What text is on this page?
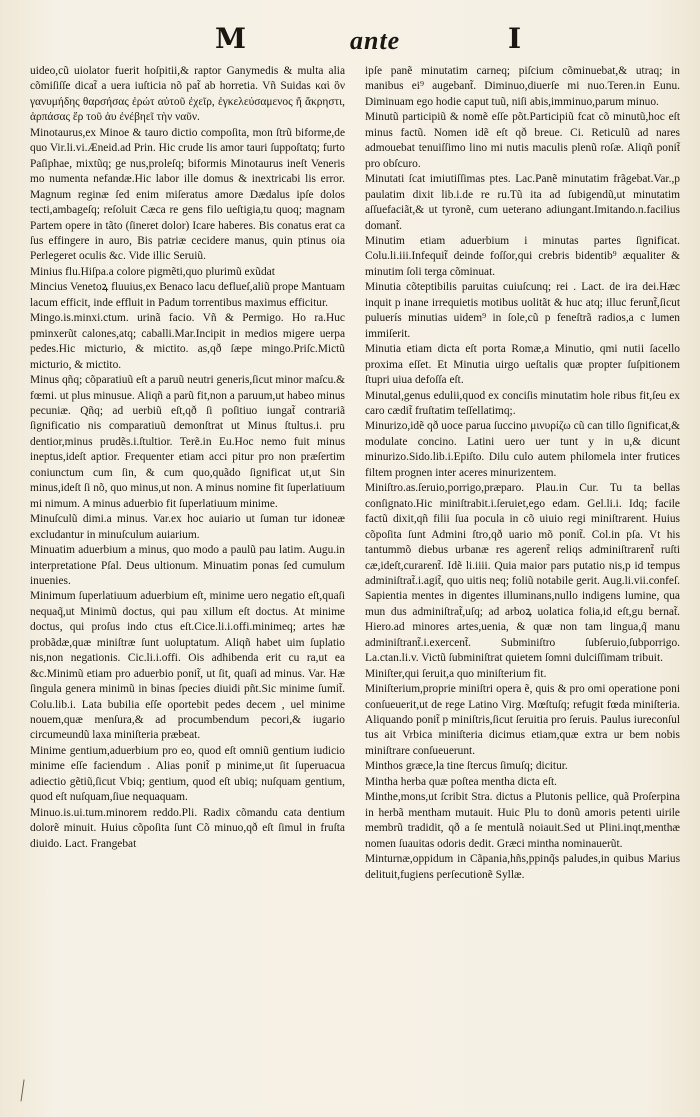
M	ante	I

uideo,cũ uiolator fuerit hoſpitii,& raptor Ganymedis & multa alia cõmiſiſſe dicat̃ a uera iuſticia nõ pat̃ ab horretia. Vñ Suidas καὶ ὃν γανυμήδης θαρσήσας ἐρώτ αὐτοῦ ἐχεῖρ, ἐγκελεύσαμενος ἤ ἄκρηστι, ἀρπάσας ἔρ τοῦ ἀυ ἐνέβηεῖ τὴν ναῦν.

Minotaurus,ex Minoe & tauro dictio compoſita, mon ſtrũ biforme,de quo Vir.li.vi.Æneid.ad Prin. Hic crude lis amor tauri ſuppoſtatq; furto Paſiphae, mixtũq; ge nus,proleſq; biformis Minotaurus ineſt Veneris mo numenta nefandæ.Hic labor ille domus & inextricabi lis error. Magnum reginæ ſed enim miſeratus amore Dædalus ipſe dolos tecti,ambageſq; reſoluit Cæca re gens filo ueſtigia,tu quoq; magnam Partem opere in tãto (ſineret dolor) Icare haberes. Bis conatus erat ca ſus effingere in auro, Bis patriæ cecidere manus, quin ptinus oia Perlegeret oculis &c. Vide illic Seruiũ.

Minius flu.Hiſpa.a colore pigmẽti,quo plurimũ exũdat

Mincius Venetoꝝ fluuius,ex Benaco lacu deflueſ,aliũ prope Mantuam lacum efficit, inde effluit in Padum torrentibus maximus efficitur.

Mingo.is.minxi.ctum. urinã facio. Vñ & Permigo. Ho ra.Huc pminxerũt calones,atq; caballi.Mar.Incipit in medios migere uerpa pedes.Hic micturio, & mictito. as,qð ſæpe mingo.Priſc.Mictũ micturio, & mictito.

Minus qñq; cõparatiuũ eſt a paruũ neutri generis,ſicut minor maſcu.& fœmi. ut plus minusue. Aliqñ a parũ fit,non a paruum,ut habeo minus pecuniæ. Qñq; ad uerbiũ eſt,qð ſi poſitiuo iungat̃ contrariã ſignificatio nis comparatiuũ demonſtrat ut Minus ſtultus.i. pru dentior,minus prudẽs.i.ſtultior. Terẽ.in Eu.Hoc nemo fuit minus ineptus,ideſt aptior. Frequenter etiam acci pitur pro non præſertim coniunctum cum ſin, & cum quo,quãdo ſignificat ut,ut Sin minus,ideſt ſi nõ, quo minus,ut non. A minus nomine fit ſuperlatiuum mi nimum. A minus aduerbio fit ſuperlatiuum minime.

Minuſculũ dimi.a minus. Var.ex hoc auiario ut ſuman tur idoneæ excludantur in minuſculum auiarium.

Minuatim aduerbium a minus, quo modo a paulũ pau latim. Augu.in interpretatione Pſal. Deus ultionum. Minuatim ponas ſed cumulum inuenies.

Minimum ſuperlatiuum aduerbium eſt, minime uero negatio eſt,quaſi nequaq̃,ut Minimũ doctus, qui pau xillum eſt doctus. At minime doctus, qui proſus indo ctus eſt.Cice.li.i.offi.minimeq; artes hæ probãdæ,quæ miniſtræ ſunt uoluptatum. Aliqñ habet uim ſuplatio nis,non negationis. Cic.li.i.offi. Ois adhibenda erit cu ra,ut ea &c.Minimũ etiam pro aduerbio ponit̃, ut ſit, quaſi ad minus. Var. Hæ ſingula genera minimũ in binas ſpecies diuidi pñt.Sic minime ſumit̃. Colu.lib.i. Lata bubilia eſſe oportebit pedes decem , uel minime nouem,quæ menſura,& ad procumbendum pecori,& iugario circumeundũ laxa miniſteria præbeat.

Minime gentium,aduerbium pro eo, quod eſt omniũ gentium iudicio minime eſſe faciendum . Alias ponit̃ p minime,ut ſit ſuperuacua adiectio gẽtiũ,ſicut Vbiq; gentium, quod eſt ubiq; nuſquam gentium, quod eſt nuſquam,ſiue nequaquam.

Minuo.is.ui.tum.minorem reddo.Pli. Radix cõmandu cata dentium dolorẽ minuit. Huius cõpoſita ſunt Cõ minuo,qð eſt ſimul in fruſta diuido. Lact. Frangebat

ipſe panẽ minutatim carneq; piſcium cõminuebat,& utraq; in manibus ei⁹ augebant̃. Diminuo,diuerſe mi nuo.Teren.in Eunu. Diminuam ego hodie caput tuũ, niſi abis,imminuo,parum minuo.

Minutũ participiũ & nomẽ eſſe põt.Participiũ fcat cõ minutũ,hoc eſt minus factũ. Nomen idẽ eſt qð breue. Ci. Reticulũ ad nares admouebat tenuiſſimo lino mi nutis maculis plenũ roſæ. Aliqñ ponit̃ pro obſcuro.

Minutati ſcat imiutiſſimas ptes. Lac.Panẽ minutatim frãgebat.Var.,p paulatim dixit lib.i.de re ru.Tũ ita ad ſubigendũ,ut minutatim aſſuefaciãt,& ut tyronẽ, cum ueterano adiungant.Imitando.n.facilius domant̃.

Minutim etiam aduerbium i minutas partes ſignificat. Colu.li.iii.Infequit̃ deinde foſſor,qui crebris bidentib⁹ æqualiter & minutim ſoli terga cõminuat.

Minutia cõteptibilis paruitas cuiuſcunq; rei . Lact. de ira dei.Hæc inquit p inane irrequietis motibus uolitãt & huc atq; illuc ferunt̃,ſicut puluerís minutias uidem⁹ in ſole,cũ p feneſtrã radios,a c lumen immiſerit.

Minutia etiam dicta eſt porta Romæ,a Minutio, qmi nutii ſacello proxima eſſet. Et Minutia uirgo ueſtalis quæ propter ſuſpitionem ſtupri uiua defoſſa eſt.

Minutal,genus edulii,quod ex conciſis minutatim hole ribus fit,ſeu ex caro cædit̃ fruſtatim teſſellatimq;.

Minurizo,idẽ qð uoce parua ſuccino μινυρίζω cũ can tillo ſignificat,& modulate concino. Latini uero uer tunt y in u,& dicunt minurizo.Sido.lib.i.Epiſto. Dilu culo autem philomela inter frutices filtem prognen inter aceres minurizentem.

Miniſtro.as.ſeruio,porrigo,præparo. Plau.in Cur. Tu ta bellas conſignato.Hic miniſtrabit.i.ſeruiet,ego edam. Gel.li.i. Idq; facile factũ dixit,qñ filii ſua pocula in cõ uiuio regi miniſtrarent. Huius cõpoſita ſunt Admini ſtro,qð uario mõ ponit̃. Col.in pſa. Vt his tantummõ diebus urbanæ res agerent̃ reliqs adminiſtrarent̃ ruſti cæ,ideſt,curarent̃. Idẽ li.iiii. Quia maior pars putatio nis,p id tempus adminiſtrat̃.i.agit̃, quo uitis neq; foliũ notabile gerit. Aug.li.vii.confeſ. Sapientia mentes in digentes illuminans,nullo indigens lumine, qua mun dus adminiſtrat̃,uſq; ad arboꝝ uolatica folia,id eſt,gu bernat̃. Hiero.ad minores artes,uenia, & quæ non tam lingua,q̃ manu adminiſtrant̃.i.exercent̃. Subminiſtro ſubſeruio,ſubporrigo. La.ctan.li.v. Victũ ſubminiſtrat quietem ſomni dulciſſimam tribuit.

Miniſter,qui ſeruit,a quo miniſterium fit.

Miniſterium,proprie miniſtri opera ẽ, quis & pro omi operatione poni conſueuerit,ut de rege Latino Virg. Mœſtuſq; refugit fœda miniſteria. Aliquando ponit̃ p miniſtris,ſicut ſeruitia pro ſeruis. Paulus iureconſul tus ait Vrbica miniſteria dicimus etiam,quæ extra ur bem nobis miniſtrare conſueuerunt.

Minthos græce,la tine ſtercus ſimuſq; dicitur.

Mintha herba quæ poſtea mentha dicta eſt.

Minthe,mons,ut ſcribit Stra. dictus a Plutonis pellice, quã Proſerpina in herbã mentham mutauit. Huic Plu to donũ amoris petenti uirile membrũ tradidit, qð a ſe mentulã noiauit.Sed ut Plini.inqt,menthæ nomen ſuauitas odoris dedit. Græci mintha nominauerũt.

Minturnæ,oppidum in Cãpania,hñs,ppinq̃s paludes,in quibus Marius delituit,fugiens perſecutionẽ Syllæ.
